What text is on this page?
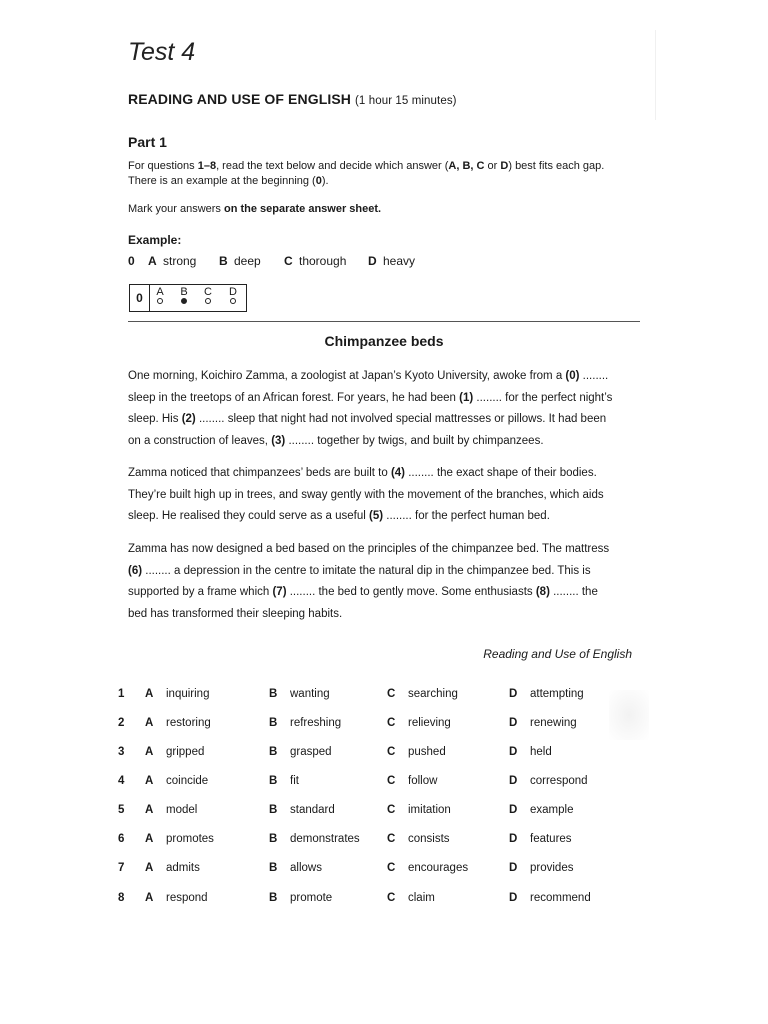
Test 4
READING AND USE OF ENGLISH (1 hour 15 minutes)
Part 1
For questions 1–8, read the text below and decide which answer (A, B, C or D) best fits each gap.
There is an example at the beginning (0).
Mark your answers on the separate answer sheet.
Example:
0 A strong B deep C thorough D heavy
0	A	B	C	D
Chimpanzee beds
One morning, Koichiro Zamma, a zoologist at Japan’s Kyoto University, awoke from a (0) ........
sleep in the treetops of an African forest. For years, he had been (1) ........ for the perfect night’s
sleep. His (2) ........ sleep that night had not involved special mattresses or pillows. It had been
on a construction of leaves, (3) ........ together by twigs, and built by chimpanzees.
Zamma noticed that chimpanzees’ beds are built to (4) ........ the exact shape of their bodies.
They’re built high up in trees, and sway gently with the movement of the branches, which aids
sleep. He realised they could serve as a useful (5) ........ for the perfect human bed.
Zamma has now designed a bed based on the principles of the chimpanzee bed. The mattress
(6) ........ a depression in the centre to imitate the natural dip in the chimpanzee bed. This is
supported by a frame which (7) ........ the bed to gently move. Some enthusiasts (8) ........ the
bed has transformed their sleeping habits.
Reading and Use of English
1 A inquiring	B wanting	C searching	D attempting
2 A restoring	B refreshing	C relieving	D renewing
3 A gripped	B grasped	C pushed	D held
4 A coincide	B fit	C follow	D correspond
5 A model	B standard	C imitation	D example
6 A promotes	B demonstrates C consists	D features
7 A admits	B allows	C encourages	D provides
8 A respond	B promote	C claim	D recommend
